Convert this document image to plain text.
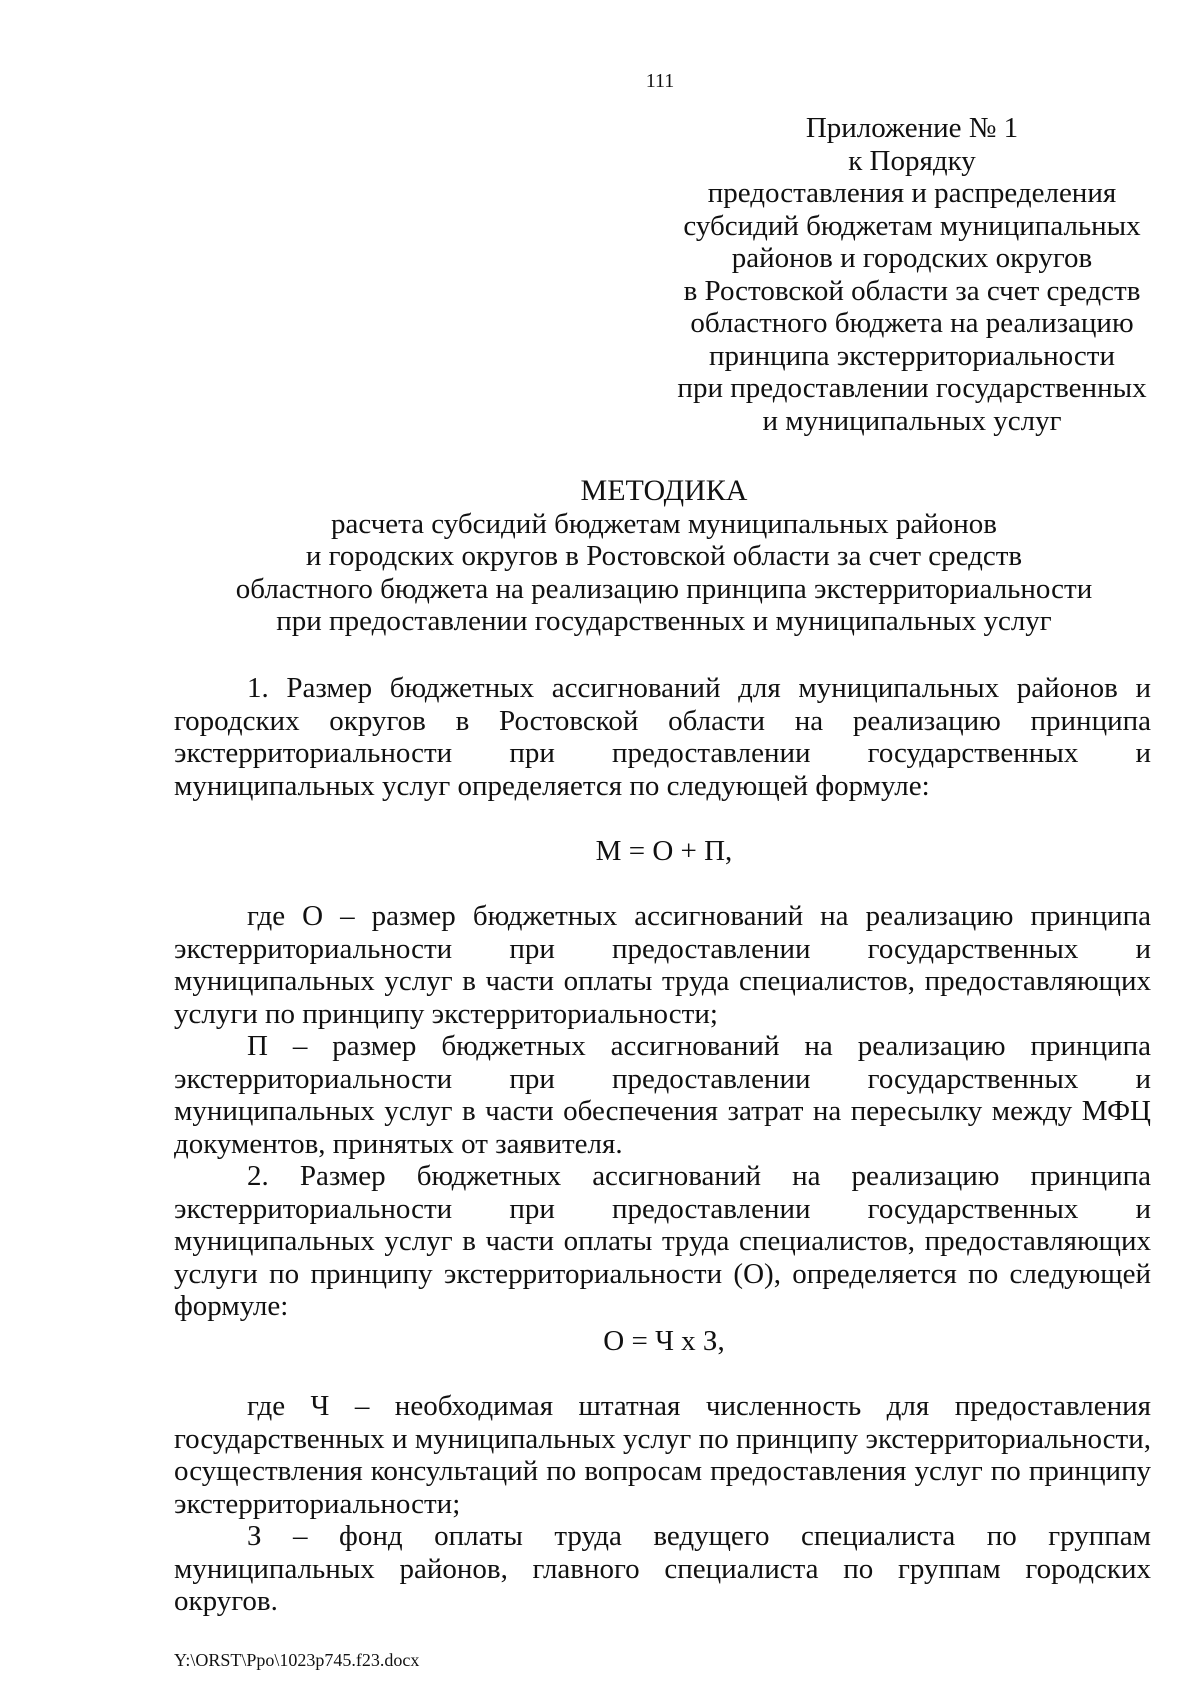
111
Приложение № 1
к Порядку
предоставления и распределения
субсидий бюджетам муниципальных
районов и городских округов
в Ростовской области за счет средств
областного бюджета на реализацию
принципа экстерриториальности
при предоставлении государственных
и муниципальных услуг
МЕТОДИКА
расчета субсидий бюджетам муниципальных районов
и городских округов в Ростовской области за счет средств
областного бюджета на реализацию принципа экстерриториальности
при предоставлении государственных и муниципальных услуг

1. Размер бюджетных ассигнований для муниципальных районов и городских округов в Ростовской области на реализацию принципа экстерриториальности при предоставлении государственных и муниципальных услуг определяется по следующей формуле:

М = О + П,

где О – размер бюджетных ассигнований на реализацию принципа экстерриториальности при предоставлении государственных и муниципальных услуг в части оплаты труда специалистов, предоставляющих услуги по принципу экстерриториальности;

П – размер бюджетных ассигнований на реализацию принципа экстерриториальности при предоставлении государственных и муниципальных услуг в части обеспечения затрат на пересылку между МФЦ документов, принятых от заявителя.

2. Размер бюджетных ассигнований на реализацию принципа экстерриториальности при предоставлении государственных и муниципальных услуг в части оплаты труда специалистов, предоставляющих услуги по принципу экстерриториальности (О), определяется по следующей формуле:

О = Ч х З,

где Ч – необходимая штатная численность для предоставления государственных и муниципальных услуг по принципу экстерриториальности, осуществления консультаций по вопросам предоставления услуг по принципу экстерриториальности;

З – фонд оплаты труда ведущего специалиста по группам муниципальных районов, главного специалиста по группам городских округов.

Y:\ORST\Ppo\1023p745.f23.docx
